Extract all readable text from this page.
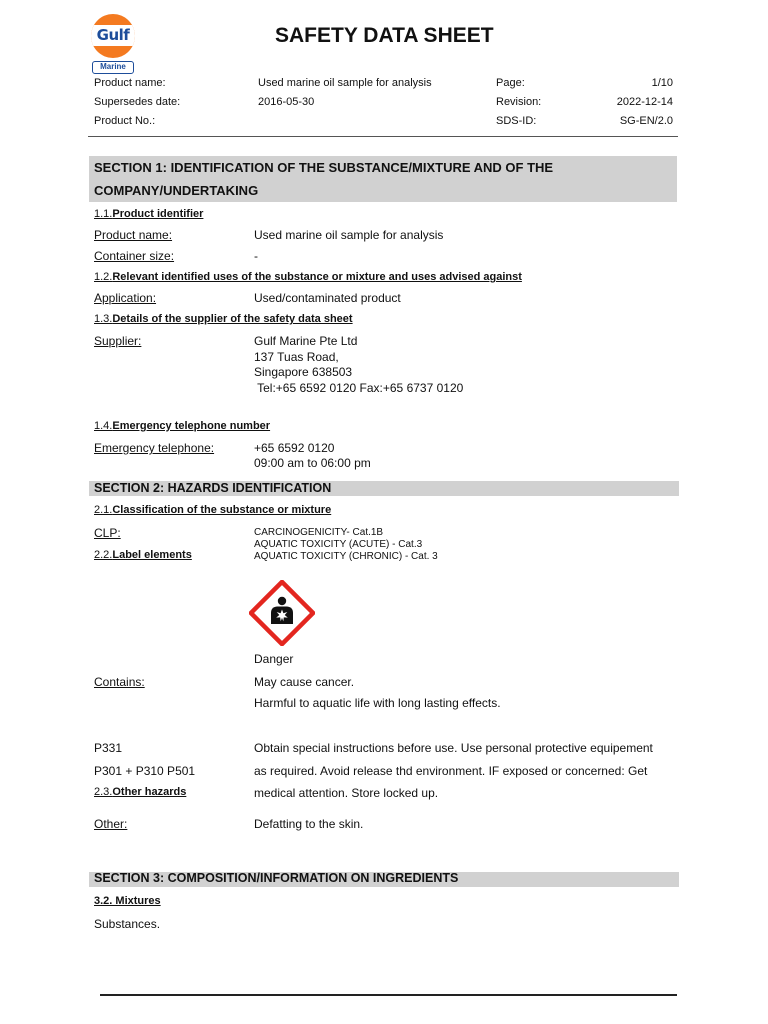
Gulf
Marine
SAFETY DATA SHEET
Product name:	Used marine oil sample for analysis	Page:	1/10
Supersedes date:	2016-05-30	Revision:	2022-12-14
Product No.:	SDS-ID:	SG-EN/2.0
SECTION 1: IDENTIFICATION OF THE SUBSTANCE/MIXTURE AND OF THE
COMPANY/UNDERTAKING
1.1.Product identifier
Product name:	Used marine oil sample for analysis
Container size:	-
1.2.Relevant identified uses of the substance or mixture and uses advised against
Application:	Used/contaminated product
1.3.Details of the supplier of the safety data sheet
Supplier:	Gulf Marine Pte Ltd
137 Tuas Road,
Singapore 638503
Tel:+65 6592 0120 Fax:+65 6737 0120
1.4.Emergency telephone number
Emergency telephone:	+65 6592 0120
09:00 am to 06:00 pm
SECTION 2: HAZARDS IDENTIFICATION
2.1.Classification of the substance or mixture
CLP:	CARCINOGENICITY- Cat.1B
AQUATIC TOXICITY (ACUTE) - Cat.3
AQUATIC TOXICITY (CHRONIC) - Cat. 3
2.2.Label elements
Danger
Contains:	May cause cancer.
Harmful to aquatic life with long lasting effects.
P331
P301 + P310 P501
Obtain special instructions before use. Use personal protective equipement
as required. Avoid release thd environment. IF exposed or concerned: Get
medical attention. Store locked up.
2.3.Other hazards
Other:	Defatting to the skin.
SECTION 3: COMPOSITION/INFORMATION ON INGREDIENTS
3.2. Mixtures
Substances.
